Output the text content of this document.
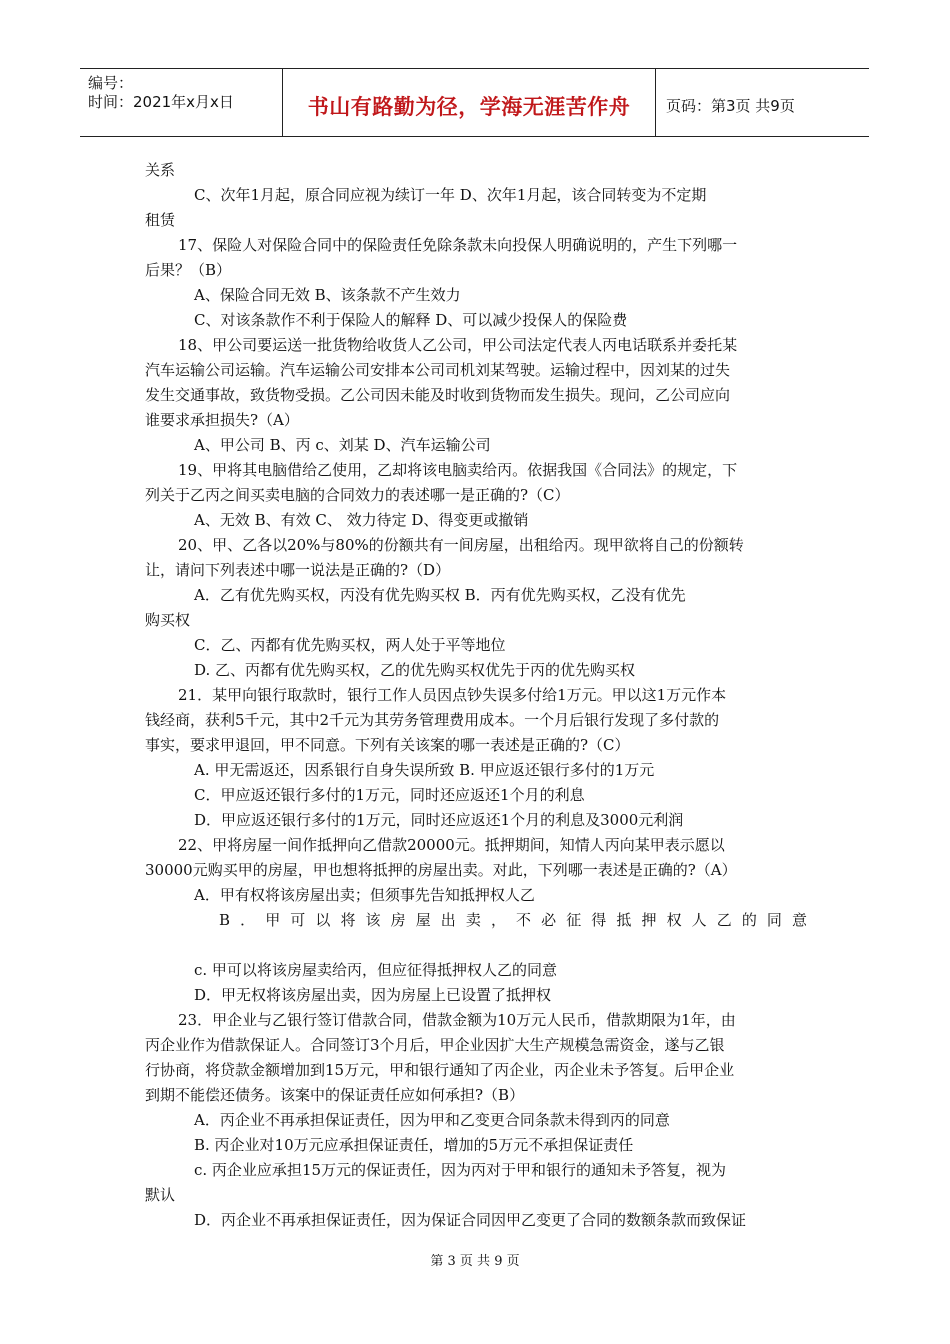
编号：
时间：2021年x月x日	书山有路勤为径，学海无涯苦作舟	页码：第3页 共9页
关系
C、次年1月起，原合同应视为续订一年 D、次年1月起，该合同转变为不定期
租赁
17、保险人对保险合同中的保险责任免除条款未向投保人明确说明的，产生下列哪一
后果？（B）
A、保险合同无效 B、该条款不产生效力
C、对该条款作不利于保险人的解释 D、可以减少投保人的保险费
18、甲公司要运送一批货物给收货人乙公司，甲公司法定代表人丙电话联系并委托某
汽车运输公司运输。汽车运输公司安排本公司司机刘某驾驶。运输过程中，因刘某的过失
发生交通事故，致货物受损。乙公司因未能及时收到货物而发生损失。现问，乙公司应向
谁要求承担损失?（A）
A、甲公司 B、丙 c、刘某 D、汽车运输公司
19、甲将其电脑借给乙使用，乙却将该电脑卖给丙。依据我国《合同法》的规定，下
列关于乙丙之间买卖电脑的合同效力的表述哪一是正确的?（C）
A、无效 B、有效 C、 效力待定 D、得变更或撤销
20、甲、乙各以20%与80%的份额共有一间房屋，出租给丙。现甲欲将自己的份额转
让，请问下列表述中哪一说法是正确的?（D）
A．乙有优先购买权，丙没有优先购买权 B．丙有优先购买权，乙没有优先
购买权
C．乙、丙都有优先购买权，两人处于平等地位
D. 乙、丙都有优先购买权，乙的优先购买权优先于丙的优先购买权
21．某甲向银行取款时，银行工作人员因点钞失误多付给1万元。甲以这1万元作本
钱经商，获利5千元，其中2千元为其劳务管理费用成本。一个月后银行发现了多付款的
事实，要求甲退回，甲不同意。下列有关该案的哪一表述是正确的?（C）
A. 甲无需返还，因系银行自身失误所致 B. 甲应返还银行多付的1万元
C．甲应返还银行多付的1万元，同时还应返还1个月的利息
D．甲应返还银行多付的1万元，同时还应返还1个月的利息及3000元利润
22、甲将房屋一间作抵押向乙借款20000元。抵押期间，知情人丙向某甲表示愿以
30000元购买甲的房屋，甲也想将抵押的房屋出卖。对此，下列哪一表述是正确的?（A）
A．甲有权将该房屋出卖；但须事先告知抵押权人乙
B．甲可以将该房屋出卖，不必征得抵押权人乙的同意
c. 甲可以将该房屋卖给丙，但应征得抵押权人乙的同意
D．甲无权将该房屋出卖，因为房屋上已设置了抵押权
23．甲企业与乙银行签订借款合同，借款金额为10万元人民币，借款期限为1年，由
丙企业作为借款保证人。合同签订3个月后，甲企业因扩大生产规模急需资金，遂与乙银
行协商，将贷款金额增加到15万元，甲和银行通知了丙企业，丙企业未予答复。后甲企业
到期不能偿还债务。该案中的保证责任应如何承担?（B）
A．丙企业不再承担保证责任，因为甲和乙变更合同条款未得到丙的同意
B. 丙企业对10万元应承担保证责任，增加的5万元不承担保证责任
c. 丙企业应承担15万元的保证责任，因为丙对于甲和银行的通知未予答复，视为
默认
D．丙企业不再承担保证责任，因为保证合同因甲乙变更了合同的数额条款而致保证
第 3 页 共 9 页
